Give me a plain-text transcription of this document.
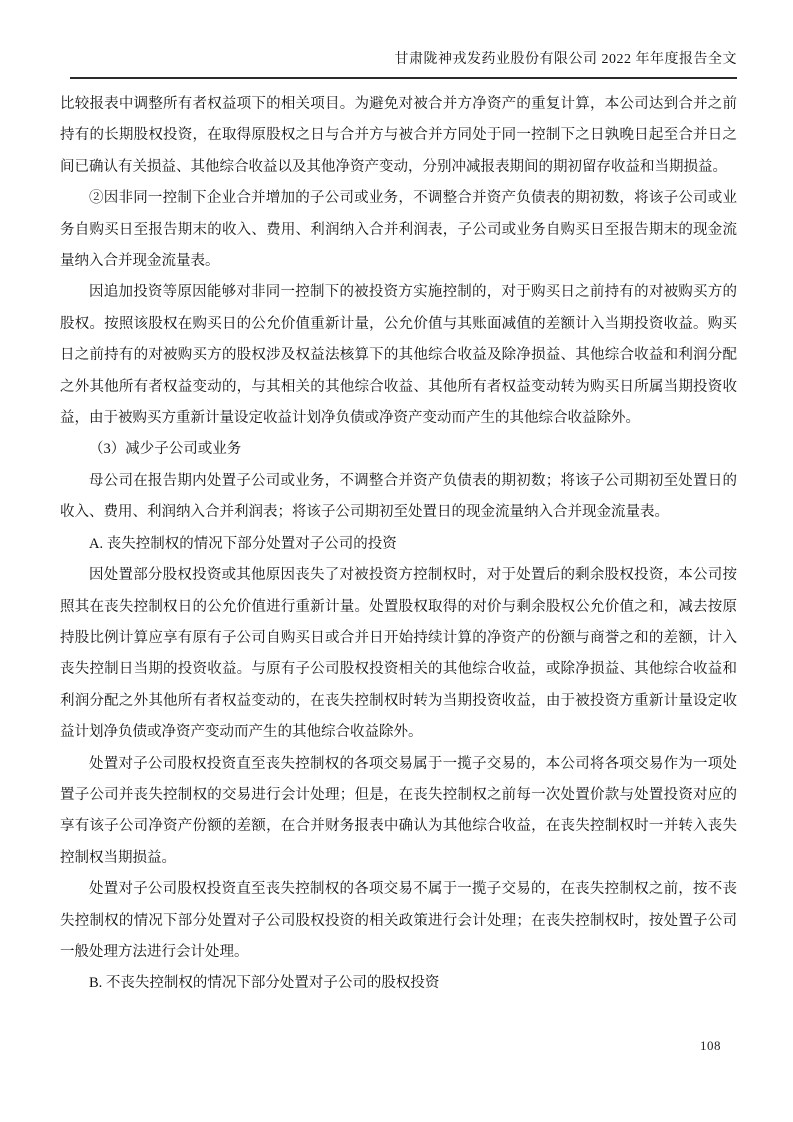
甘肃陇神戎发药业股份有限公司 2022 年年度报告全文

比较报表中调整所有者权益项下的相关项目。为避免对被合并方净资产的重复计算，本公司达到合并之前持有的长期股权投资，在取得原股权之日与合并方与被合并方同处于同一控制下之日孰晚日起至合并日之间已确认有关损益、其他综合收益以及其他净资产变动，分别冲减报表期间的期初留存收益和当期损益。

②因非同一控制下企业合并增加的子公司或业务，不调整合并资产负债表的期初数，将该子公司或业务自购买日至报告期末的收入、费用、利润纳入合并利润表，子公司或业务自购买日至报告期末的现金流量纳入合并现金流量表。

因追加投资等原因能够对非同一控制下的被投资方实施控制的，对于购买日之前持有的对被购买方的股权。按照该股权在购买日的公允价值重新计量，公允价值与其账面减值的差额计入当期投资收益。购买日之前持有的对被购买方的股权涉及权益法核算下的其他综合收益及除净损益、其他综合收益和利润分配之外其他所有者权益变动的，与其相关的其他综合收益、其他所有者权益变动转为购买日所属当期投资收益，由于被购买方重新计量设定收益计划净负债或净资产变动而产生的其他综合收益除外。

（3）减少子公司或业务

母公司在报告期内处置子公司或业务，不调整合并资产负债表的期初数；将该子公司期初至处置日的收入、费用、利润纳入合并利润表；将该子公司期初至处置日的现金流量纳入合并现金流量表。

A. 丧失控制权的情况下部分处置对子公司的投资

因处置部分股权投资或其他原因丧失了对被投资方控制权时，对于处置后的剩余股权投资，本公司按照其在丧失控制权日的公允价值进行重新计量。处置股权取得的对价与剩余股权公允价值之和，减去按原持股比例计算应享有原有子公司自购买日或合并日开始持续计算的净资产的份额与商誉之和的差额，计入丧失控制日当期的投资收益。与原有子公司股权投资相关的其他综合收益，或除净损益、其他综合收益和利润分配之外其他所有者权益变动的，在丧失控制权时转为当期投资收益，由于被投资方重新计量设定收益计划净负债或净资产变动而产生的其他综合收益除外。

处置对子公司股权投资直至丧失控制权的各项交易属于一揽子交易的，本公司将各项交易作为一项处置子公司并丧失控制权的交易进行会计处理；但是，在丧失控制权之前每一次处置价款与处置投资对应的享有该子公司净资产份额的差额，在合并财务报表中确认为其他综合收益，在丧失控制权时一并转入丧失控制权当期损益。

处置对子公司股权投资直至丧失控制权的各项交易不属于一揽子交易的，在丧失控制权之前，按不丧失控制权的情况下部分处置对子公司股权投资的相关政策进行会计处理；在丧失控制权时，按处置子公司一般处理方法进行会计处理。

B. 不丧失控制权的情况下部分处置对子公司的股权投资

108
